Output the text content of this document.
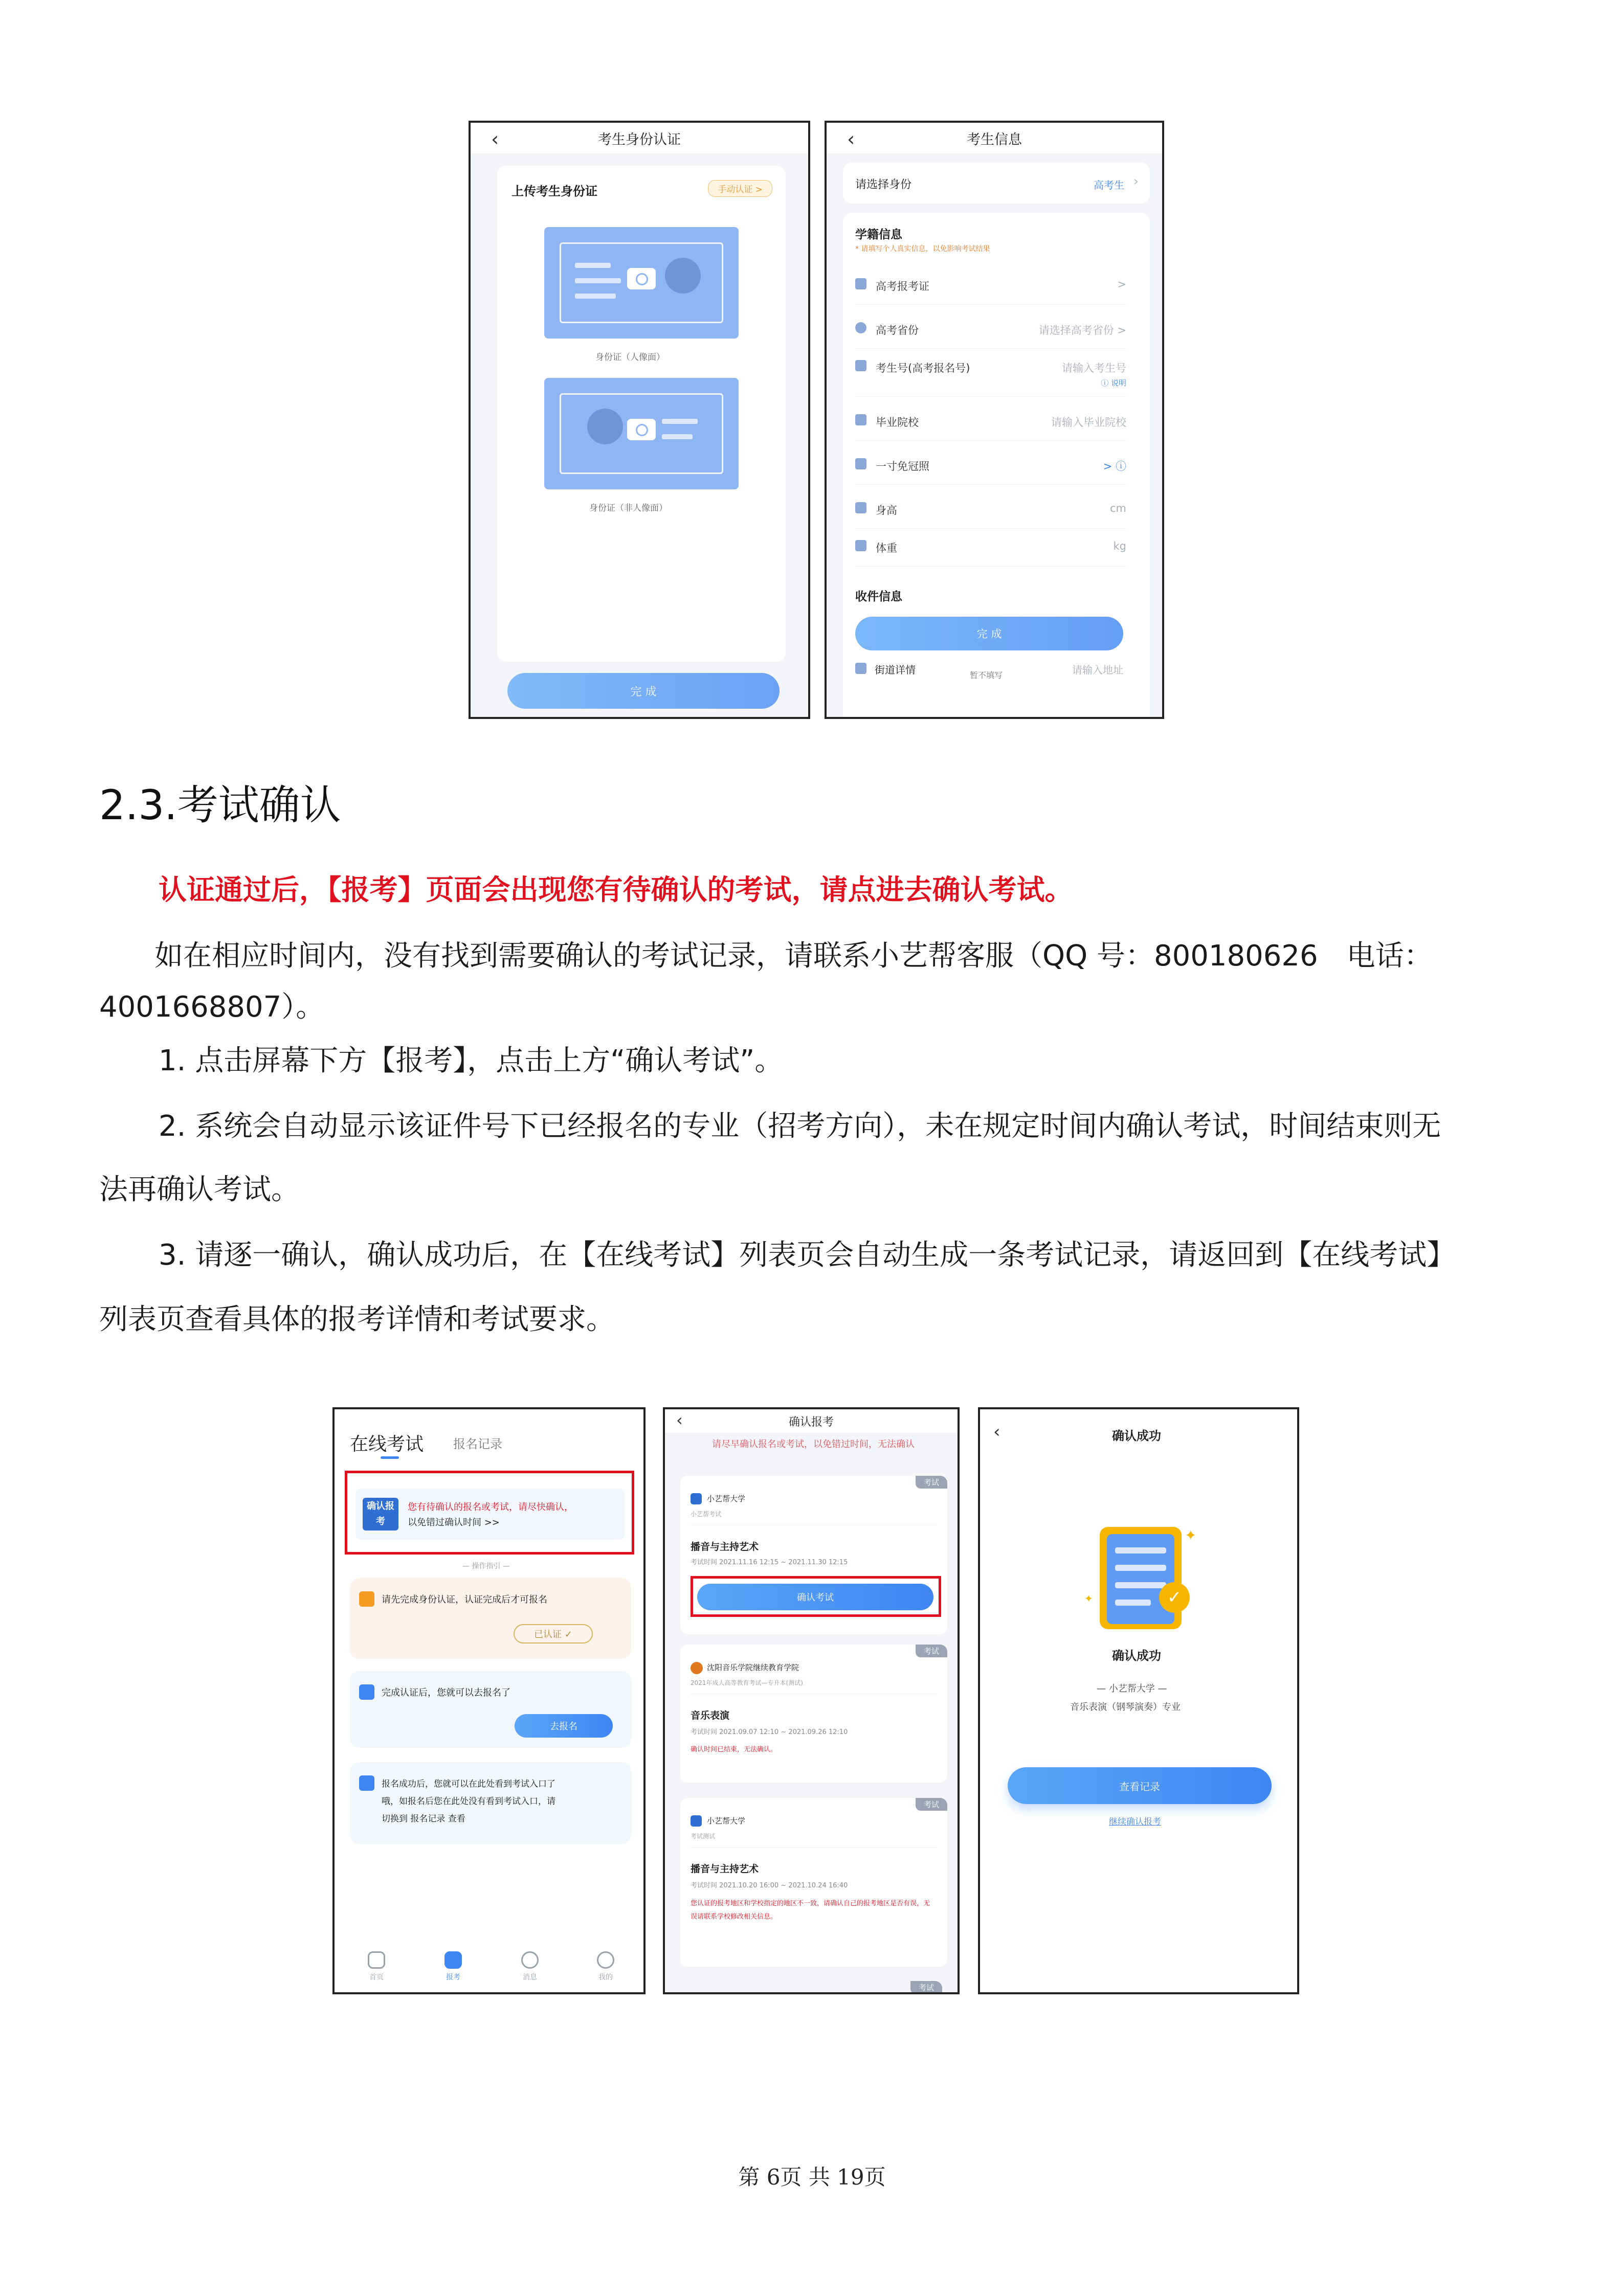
‹	考生身份认证
上传考生身份证	手动认证 >
身份证（人像面）
身份证（非人像面）
完 成
‹	考生信息
请选择身份	高考生 ›
学籍信息
* 请填写个人真实信息，以免影响考试结果
高考报考证	>
高考省份	请选择高考省份 >
考生号(高考报名号)	请输入考生号
ⓘ 说明
毕业院校	请输入毕业院校
一寸免冠照	> ⓘ
身高	cm
体重	kg
收件信息
完 成
街道详情	暂不填写	请输入地址
2.3.考试确认
认证通过后，【报考】页面会出现您有待确认的考试，请点进去确认考试。
如在相应时间内，没有找到需要确认的考试记录，请联系小艺帮客服（QQ 号：800180626　电话：
4001668807）。
1. 点击屏幕下方【报考】，点击上方“确认考试”。
2. 系统会自动显示该证件号下已经报名的专业（招考方向），未在规定时间内确认考试，时间结束则无
法再确认考试。
3. 请逐一确认，确认成功后，在【在线考试】列表页会自动生成一条考试记录，请返回到【在线考试】
列表页查看具体的报考详情和考试要求。
在线考试 报名记录
确认报考
您有待确认的报名或考试，请尽快确认，
以免错过确认时间 >>
— 操作指引 —
请先完成身份认证，认证完成后才可报名
已认证 ✓
完成认证后，您就可以去报名了
去报名
报名成功后，您就可以在此处看到考试入口了
哦，如报名后您在此处没有看到考试入口，请
切换到 报名记录 查看
首页	报考	消息	我的
‹	确认报考
请尽早确认报名或考试，以免错过时间，无法确认
考试
小艺帮大学
小艺帮考试
播音与主持艺术
考试时间 2021.11.16 12:15 ~ 2021.11.30 12:15
确认考试
考试
沈阳音乐学院继续教育学院
2021年成人高等教育考试—专升本(测试)
音乐表演
考试时间 2021.09.07 12:10 ~ 2021.09.26 12:10
确认时间已结束，无法确认。
考试
小艺帮大学
考试测试
播音与主持艺术
考试时间 2021.10.20 16:00 ~ 2021.10.24 16:40
您认证的报考地区和学校指定的地区不一致，请确认自己的报考地区是否有误，无误请联系学校修改相关信息。
考试
‹	确认成功
✓
✦
✦
确认成功
— 小艺帮大学 —
音乐表演（钢琴演奏）专业
查看记录
继续确认报考
第 6页 共 19页
